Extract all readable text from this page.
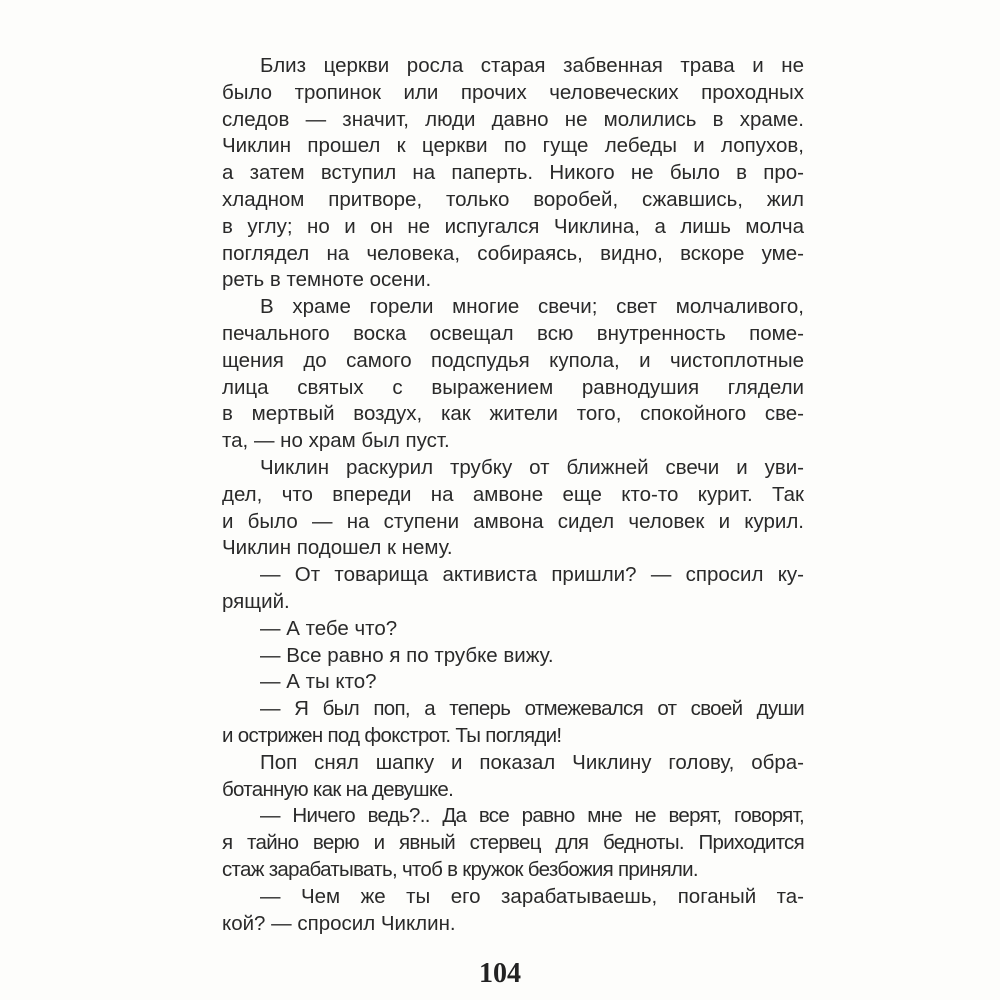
Близ церкви росла старая забвенная трава и не
было тропинок или прочих человеческих проходных
следов — значит, люди давно не молились в храме.
Чиклин прошел к церкви по гуще лебеды и лопухов,
а затем вступил на паперть. Никого не было в про-
хладном притворе, только воробей, сжавшись, жил
в углу; но и он не испугался Чиклина, а лишь молча
поглядел на человека, собираясь, видно, вскоре уме-
реть в темноте осени.
В храме горели многие свечи; свет молчаливого,
печального воска освещал всю внутренность поме-
щения до самого подспудья купола, и чистоплотные
лица святых с выражением равнодушия глядели
в мертвый воздух, как жители того, спокойного све-
та, — но храм был пуст.
Чиклин раскурил трубку от ближней свечи и уви-
дел, что впереди на амвоне еще кто-то курит. Так
и было — на ступени амвона сидел человек и курил.
Чиклин подошел к нему.
— От товарища активиста пришли? — спросил ку-
рящий.
— А тебе что?
— Все равно я по трубке вижу.
— А ты кто?
— Я был поп, а теперь отмежевался от своей души
и острижен под фокстрот. Ты погляди!
Поп снял шапку и показал Чиклину голову, обра-
ботанную как на девушке.
— Ничего ведь?.. Да все равно мне не верят, говорят,
я тайно верю и явный стервец для бедноты. Приходится
стаж зарабатывать, чтоб в кружок безбожия приняли.
— Чем же ты его зарабатываешь, поганый та-
кой? — спросил Чиклин.
104
